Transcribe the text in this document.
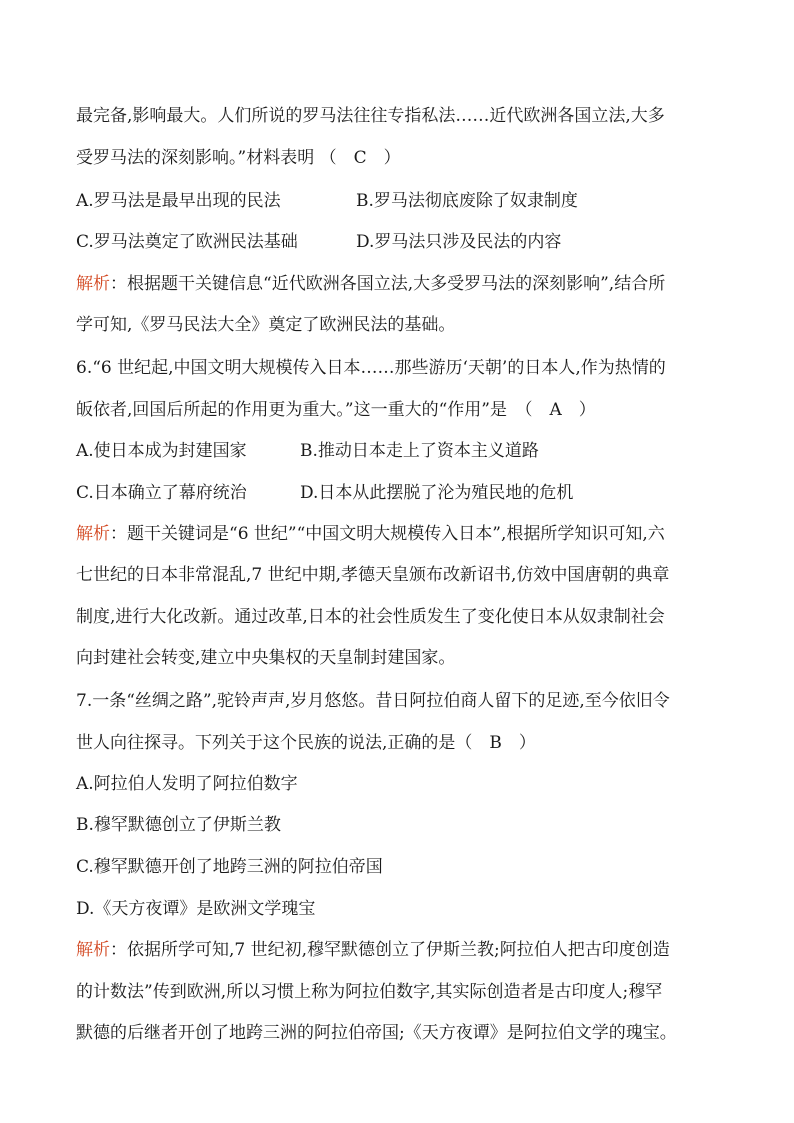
最完备,影响最大。人们所说的罗马法往往专指私法……近代欧洲各国立法,大多
受罗马法的深刻影响。”材料表明 （　C　）
A.罗马法是最早出现的民法	B.罗马法彻底废除了奴隶制度
C.罗马法奠定了欧洲民法基础	D.罗马法只涉及民法的内容
解析：根据题干关键信息“近代欧洲各国立法,大多受罗马法的深刻影响”,结合所
学可知,《罗马民法大全》奠定了欧洲民法的基础。
6.“6 世纪起,中国文明大规模传入日本……那些游历‘天朝’的日本人,作为热情的
皈依者,回国后所起的作用更为重大。”这一重大的“作用”是　（　A　）
A.使日本成为封建国家	B.推动日本走上了资本主义道路
C.日本确立了幕府统治	D.日本从此摆脱了沦为殖民地的危机
解析：题干关键词是“6 世纪”“中国文明大规模传入日本”,根据所学知识可知,六
七世纪的日本非常混乱,7 世纪中期,孝德天皇颁布改新诏书,仿效中国唐朝的典章
制度,进行大化改新。通过改革,日本的社会性质发生了变化使日本从奴隶制社会
向封建社会转变,建立中央集权的天皇制封建国家。
7.一条“丝绸之路”,驼铃声声,岁月悠悠。昔日阿拉伯商人留下的足迹,至今依旧令
世人向往探寻。下列关于这个民族的说法,正确的是（　B　）
A.阿拉伯人发明了阿拉伯数字
B.穆罕默德创立了伊斯兰教
C.穆罕默德开创了地跨三洲的阿拉伯帝国
D.《天方夜谭》是欧洲文学瑰宝
解析：依据所学可知,7 世纪初,穆罕默德创立了伊斯兰教;阿拉伯人把古印度创造
的计数法”传到欧洲,所以习惯上称为阿拉伯数字,其实际创造者是古印度人;穆罕
默德的后继者开创了地跨三洲的阿拉伯帝国;《天方夜谭》是阿拉伯文学的瑰宝。
